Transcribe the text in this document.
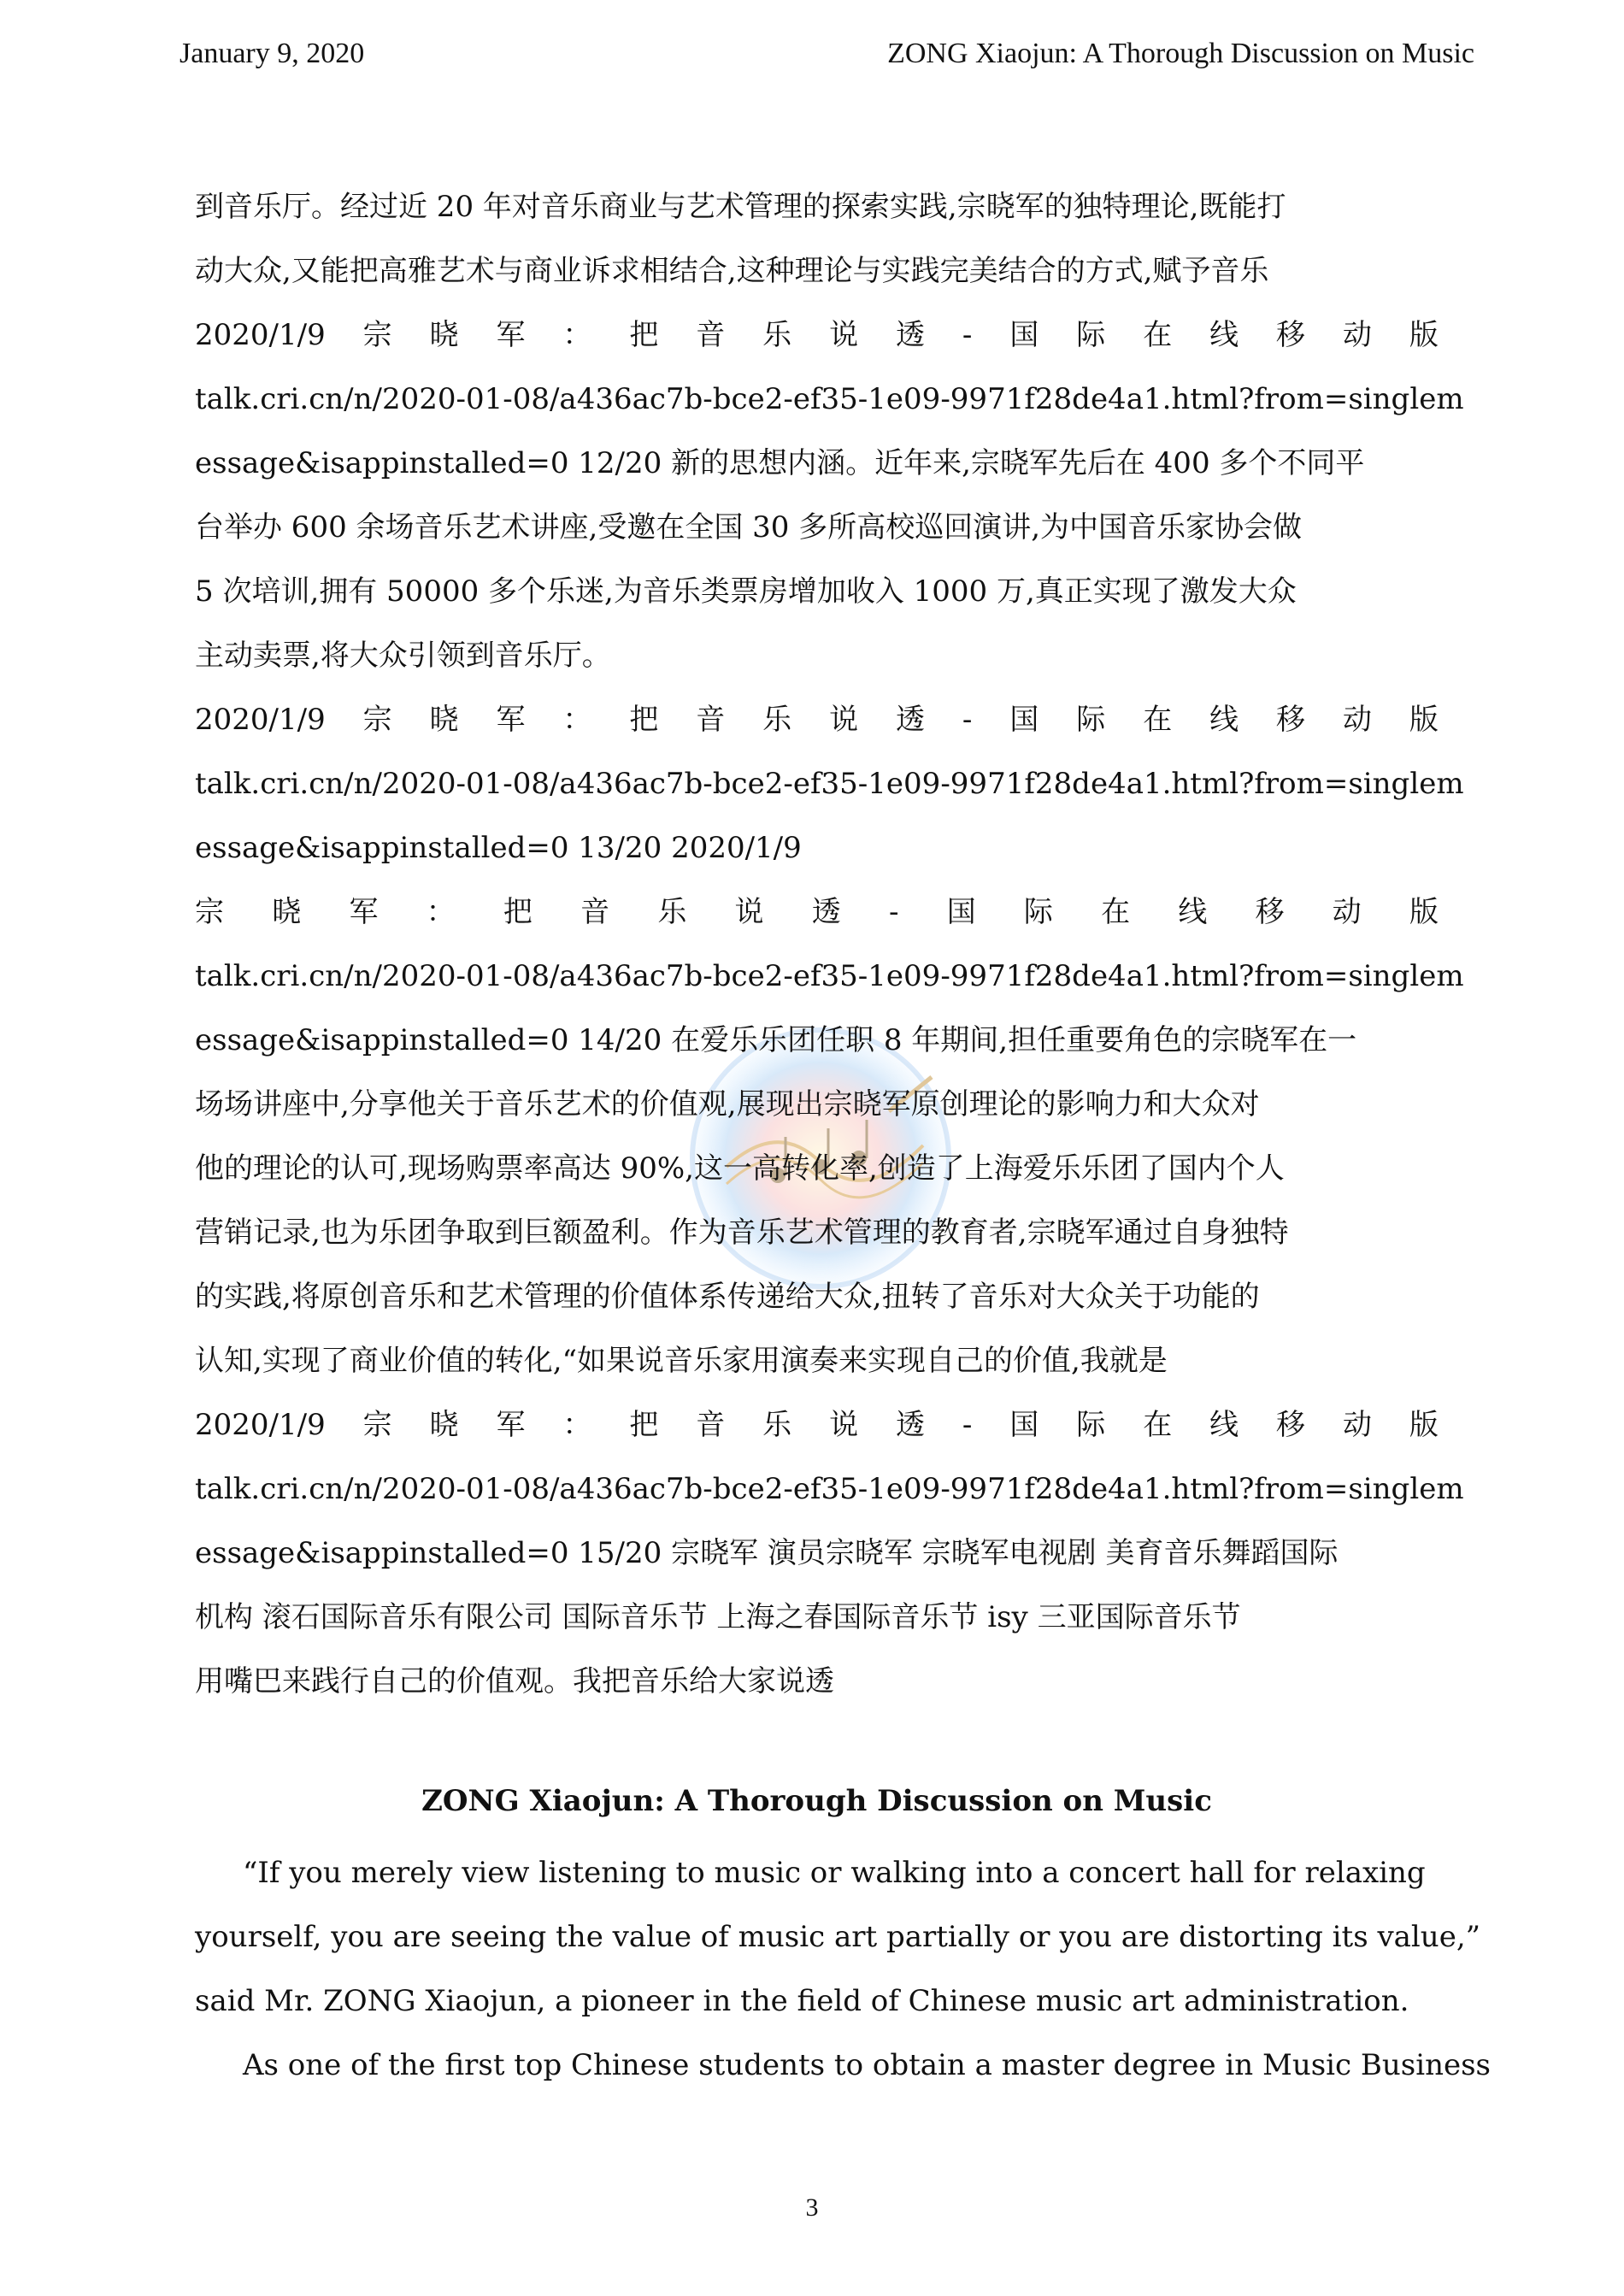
January 9, 2020	ZONG Xiaojun: A Thorough Discussion on Music
到音乐厅。经过近 20 年对音乐商业与艺术管理的探索实践,宗晓军的独特理论,既能打
动大众,又能把高雅艺术与商业诉求相结合,这种理论与实践完美结合的方式,赋予音乐
2020/1/9 宗 晓 军 ： 把 音 乐 说 透 - 国 际 在 线 移 动 版
talk.cri.cn/n/2020-01-08/a436ac7b-bce2-ef35-1e09-9971f28de4a1.html?from=singlem
essage&isappinstalled=0 12/20 新的思想内涵。近年来,宗晓军先后在 400 多个不同平
台举办 600 余场音乐艺术讲座,受邀在全国 30 多所高校巡回演讲,为中国音乐家协会做
5 次培训,拥有 50000 多个乐迷,为音乐类票房增加收入 1000 万,真正实现了激发大众
主动卖票,将大众引领到音乐厅。
2020/1/9 宗 晓 军 ： 把 音 乐 说 透 - 国 际 在 线 移 动 版
talk.cri.cn/n/2020-01-08/a436ac7b-bce2-ef35-1e09-9971f28de4a1.html?from=singlem
essage&isappinstalled=0 13/20 2020/1/9
宗 晓 军 ： 把 音 乐 说 透 - 国 际 在 线 移 动 版
talk.cri.cn/n/2020-01-08/a436ac7b-bce2-ef35-1e09-9971f28de4a1.html?from=singlem
essage&isappinstalled=0 14/20 在爱乐乐团任职 8 年期间,担任重要角色的宗晓军在一
场场讲座中,分享他关于音乐艺术的价值观,展现出宗晓军原创理论的影响力和大众对
他的理论的认可,现场购票率高达 90%,这一高转化率,创造了上海爱乐乐团了国内个人
营销记录,也为乐团争取到巨额盈利。作为音乐艺术管理的教育者,宗晓军通过自身独特
的实践,将原创音乐和艺术管理的价值体系传递给大众,扭转了音乐对大众关于功能的
认知,实现了商业价值的转化,“如果说音乐家用演奏来实现自己的价值,我就是
2020/1/9 宗 晓 军 ： 把 音 乐 说 透 - 国 际 在 线 移 动 版
talk.cri.cn/n/2020-01-08/a436ac7b-bce2-ef35-1e09-9971f28de4a1.html?from=singlem
essage&isappinstalled=0 15/20 宗晓军 演员宗晓军 宗晓军电视剧 美育音乐舞蹈国际
机构 滚石国际音乐有限公司 国际音乐节 上海之春国际音乐节 isy 三亚国际音乐节
用嘴巴来践行自己的价值观。我把音乐给大家说透
ZONG Xiaojun: A Thorough Discussion on Music
“If you merely view listening to music or walking into a concert hall for relaxing
yourself, you are seeing the value of music art partially or you are distorting its value,”
said Mr. ZONG Xiaojun, a pioneer in the field of Chinese music art administration.
As one of the first top Chinese students to obtain a master degree in Music Business
3
